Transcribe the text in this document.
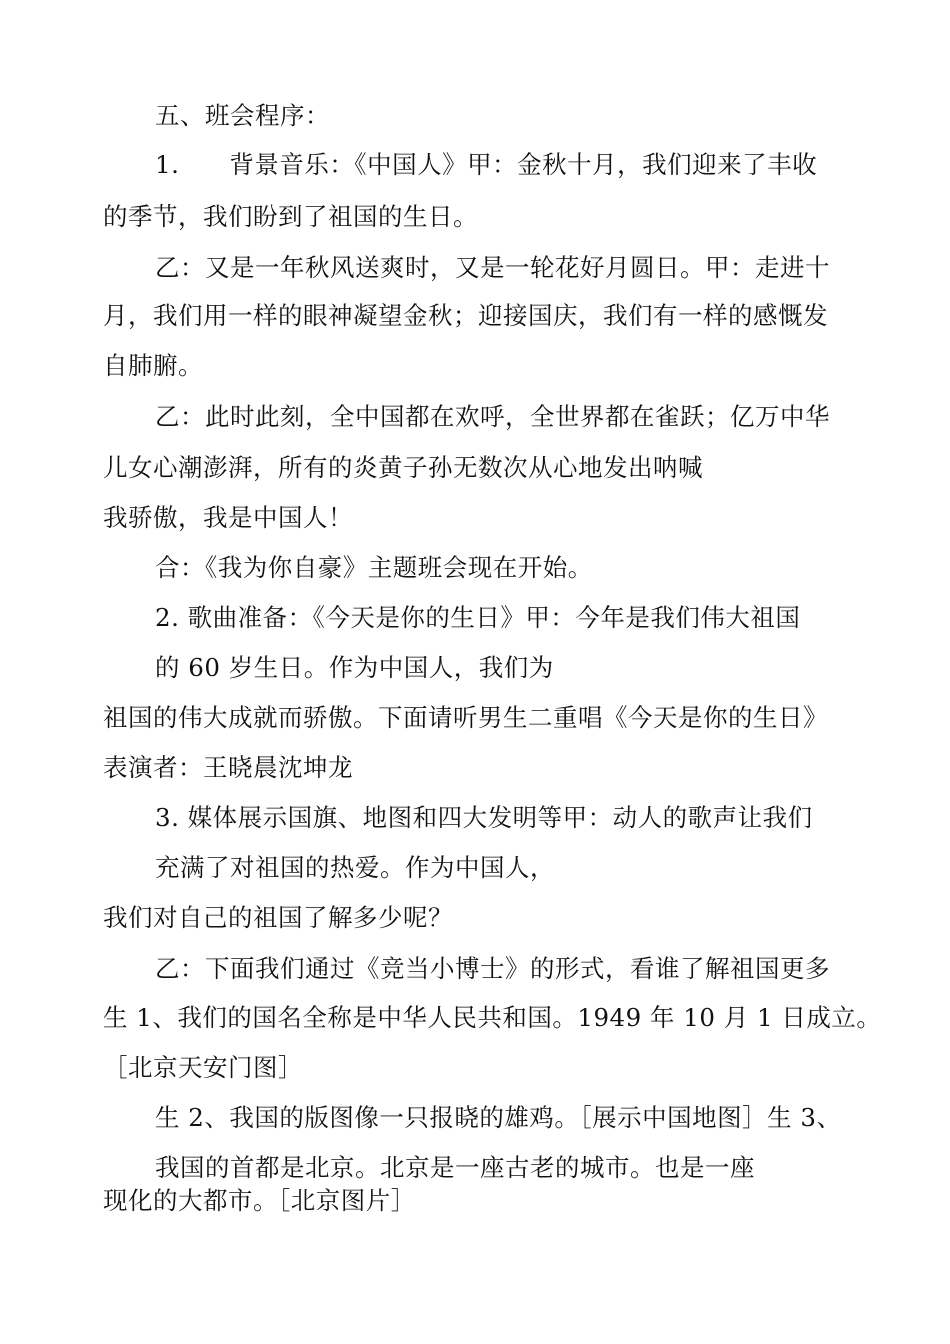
五、班会程序：
1.　　背景音乐：《中国人》甲：金秋十月，我们迎来了丰收
的季节，我们盼到了祖国的生日。
乙：又是一年秋风送爽时，又是一轮花好月圆日。甲：走进十
月，我们用一样的眼神凝望金秋；迎接国庆，我们有一样的感慨发
自肺腑。
乙：此时此刻，全中国都在欢呼，全世界都在雀跃；亿万中华
儿女心潮澎湃，所有的炎黄子孙无数次从心地发出呐喊
我骄傲，我是中国人！
合：《我为你自豪》主题班会现在开始。
2. 歌曲准备：《今天是你的生日》甲：今年是我们伟大祖国
的 60 岁生日。作为中国人，我们为
祖国的伟大成就而骄傲。下面请听男生二重唱《今天是你的生日》
表演者：王晓晨沈坤龙
3. 媒体展示国旗、地图和四大发明等甲：动人的歌声让我们
充满了对祖国的热爱。作为中国人，
我们对自己的祖国了解多少呢？
乙：下面我们通过《竞当小博士》的形式，看谁了解祖国更多
生 1、我们的国名全称是中华人民共和国。1949 年 10 月 1 日成立。
［北京天安门图］
生 2、我国的版图像一只报晓的雄鸡。［展示中国地图］生 3、
我国的首都是北京。北京是一座古老的城市。也是一座
现化的大都市。［北京图片］
